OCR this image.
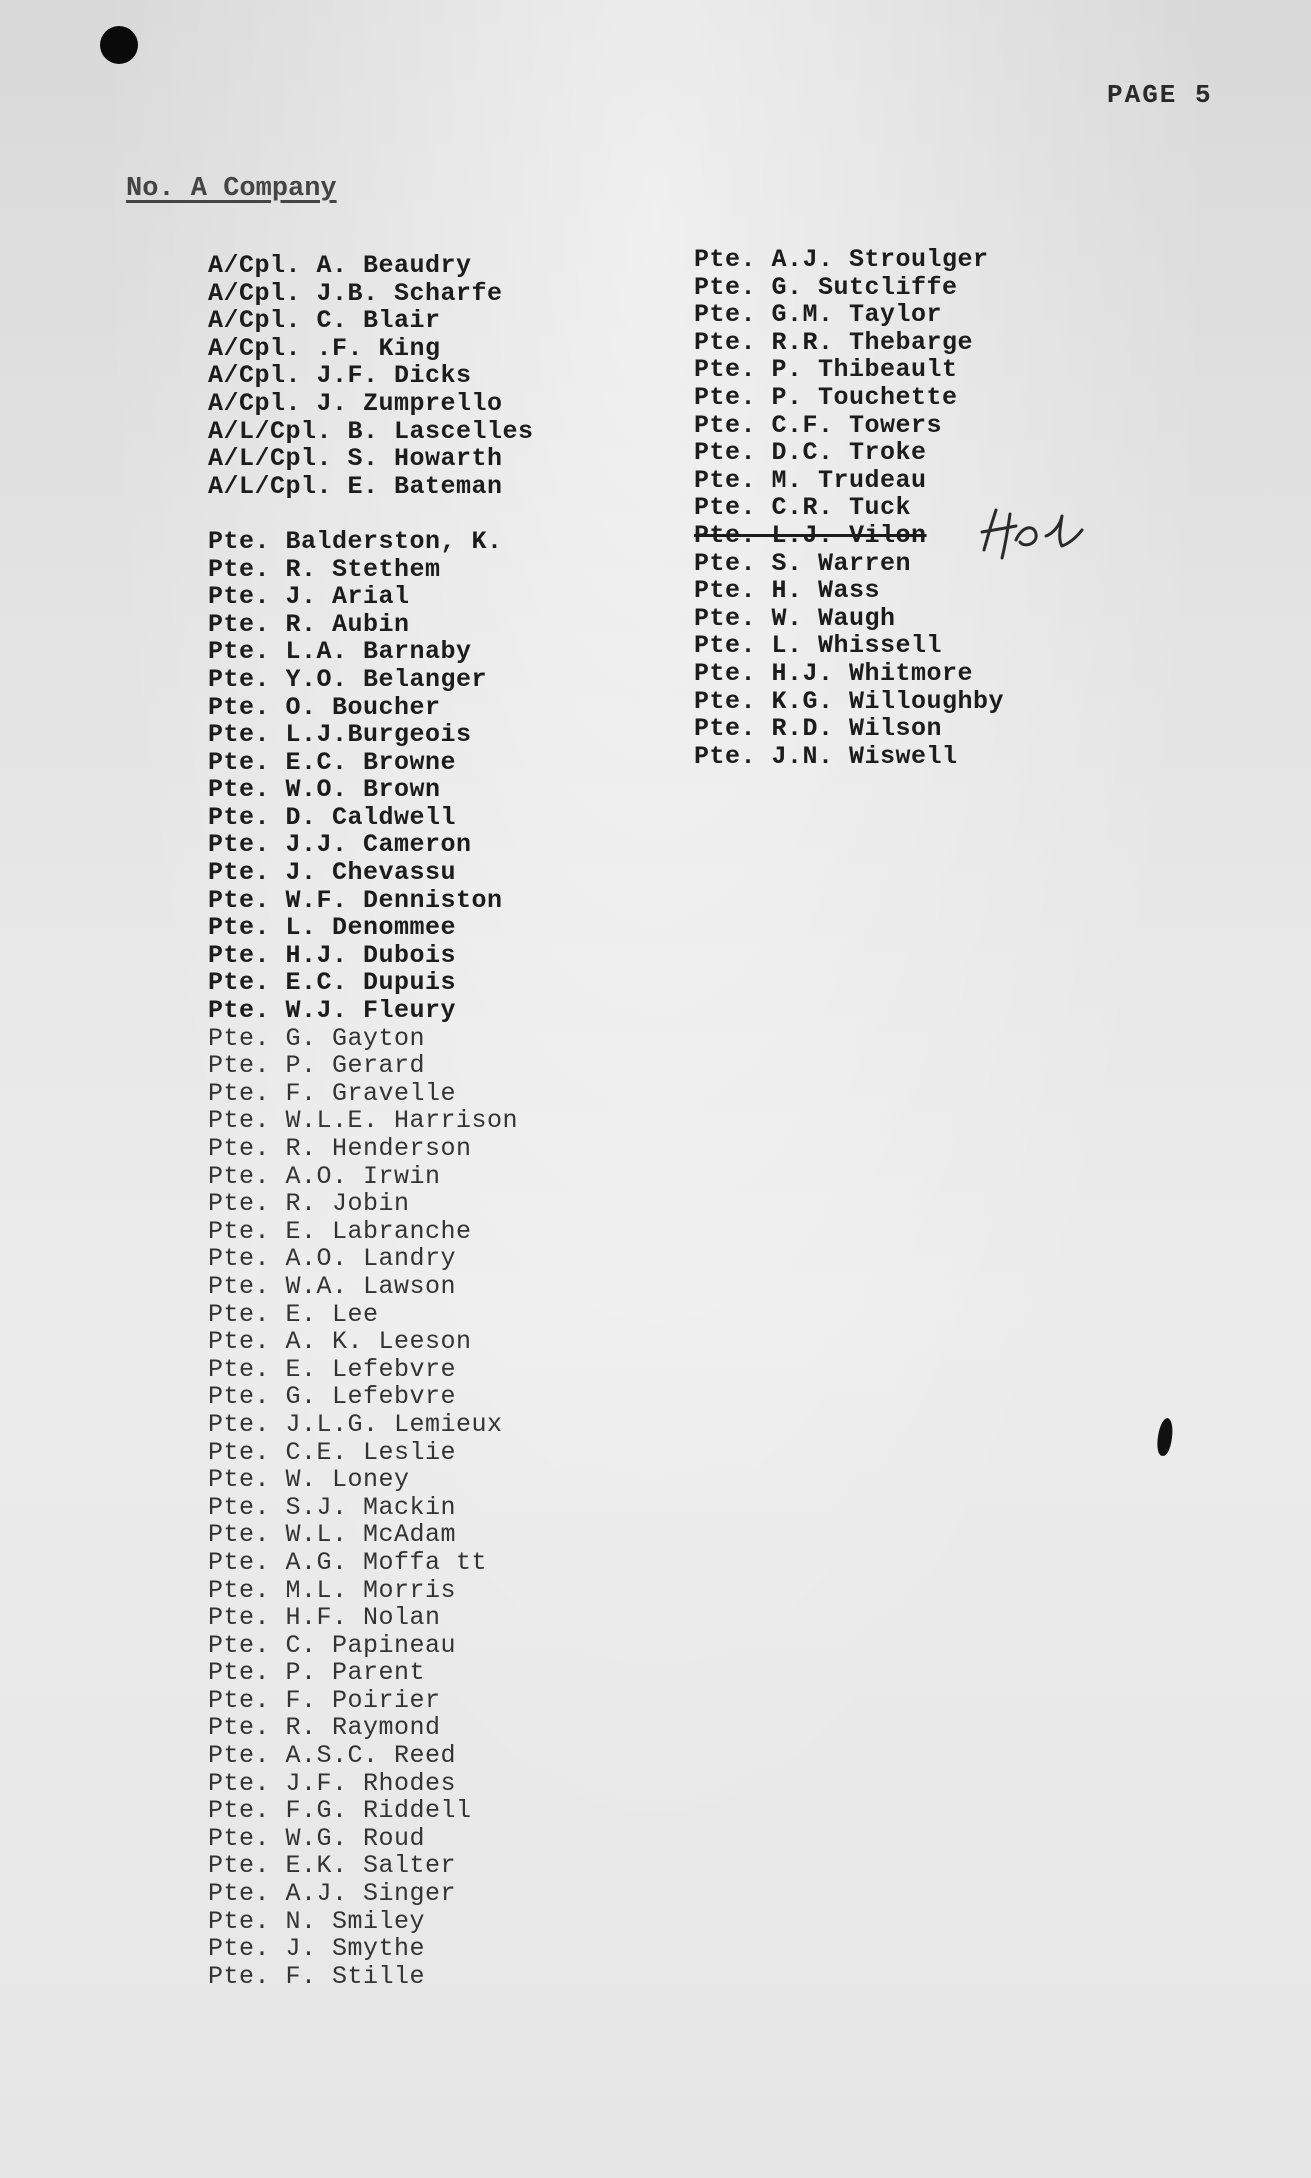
PAGE 5
No. A Company
A/Cpl. A. Beaudry
A/Cpl. J.B. Scharfe
A/Cpl. C. Blair
A/Cpl. .F. King
A/Cpl. J.F. Dicks
A/Cpl. J. Zumprello
A/L/Cpl. B. Lascelles
A/L/Cpl. S. Howarth
A/L/Cpl. E. Bateman
Pte. Balderston, K.
Pte. R. Stethem
Pte. J. Arial
Pte. R. Aubin
Pte. L.A. Barnaby
Pte. Y.O. Belanger
Pte. O. Boucher
Pte. L.J.Burgeois
Pte. E.C. Browne
Pte. W.O. Brown
Pte. D. Caldwell
Pte. J.J. Cameron
Pte. J. Chevassu
Pte. W.F. Denniston
Pte. L. Denommee
Pte. H.J. Dubois
Pte. E.C. Dupuis
Pte. W.J. Fleury
Pte. G. Gayton
Pte. P. Gerard
Pte. F. Gravelle
Pte. W.L.E. Harrison
Pte. R. Henderson
Pte. A.O. Irwin
Pte. R. Jobin
Pte. E. Labranche
Pte. A.O. Landry
Pte. W.A. Lawson
Pte. E. Lee
Pte. A. K. Leeson
Pte. E. Lefebvre
Pte. G. Lefebvre
Pte. J.L.G. Lemieux
Pte. C.E. Leslie
Pte. W. Loney
Pte. S.J. Mackin
Pte. W.L. McAdam
Pte. A.G. Moffa tt
Pte. M.L. Morris
Pte. H.F. Nolan
Pte. C. Papineau
Pte. P. Parent
Pte. F. Poirier
Pte. R. Raymond
Pte. A.S.C. Reed
Pte. J.F. Rhodes
Pte. F.G. Riddell
Pte. W.G. Roud
Pte. E.K. Salter
Pte. A.J. Singer
Pte. N. Smiley
Pte. J. Smythe
Pte. F. Stille
Pte. A.J. Stroulger
Pte. G. Sutcliffe
Pte. G.M. Taylor
Pte. R.R. Thebarge
Pte. P. Thibeault
Pte. P. Touchette
Pte. C.F. Towers
Pte. D.C. Troke
Pte. M. Trudeau
Pte. C.R. Tuck
Pte. L.J. Vilon
Pte. S. Warren
Pte. H. Wass
Pte. W. Waugh
Pte. L. Whissell
Pte. H.J. Whitmore
Pte. K.G. Willoughby
Pte. R.D. Wilson
Pte. J.N. Wiswell
